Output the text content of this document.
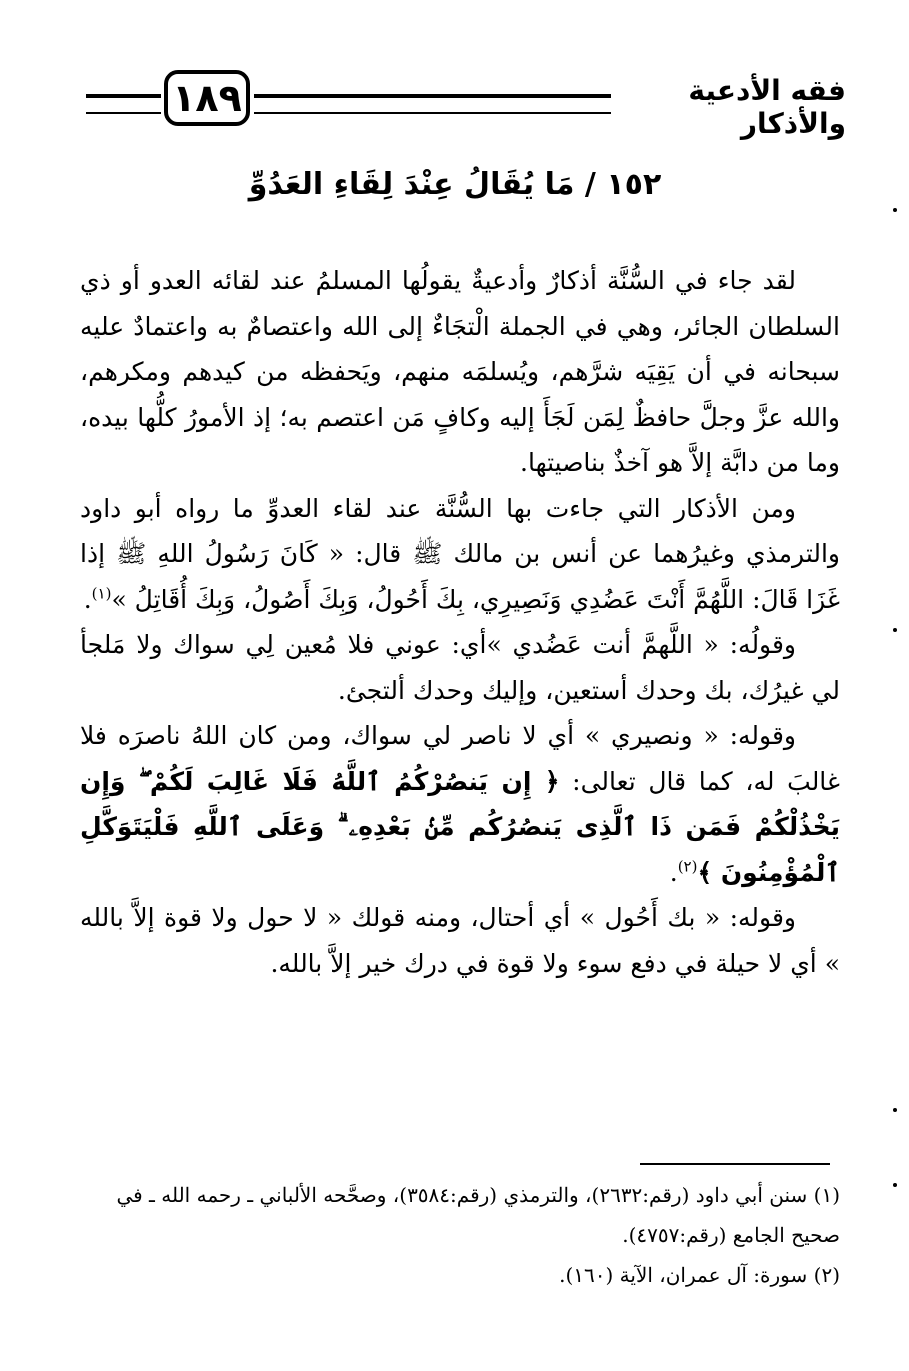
١٨٩	فقه الأدعية والأذكار
١٥٢ / مَا يُقَالُ عِنْدَ لِقَاءِ العَدُوِّ

لقد جاء في السُّنَّة أذكارٌ وأدعيةٌ يقولُها المسلمُ عند لقائه العدو أو ذي السلطان الجائر، وهي في الجملة الْتجَاءٌ إلى الله واعتصامٌ به واعتمادٌ عليه سبحانه في أن يَقِيَه شرَّهم، ويُسلمَه منهم، ويَحفظه من كيدهم ومكرهم، والله عزَّ وجلَّ حافظٌ لِمَن لَجَأَ إليه وكافٍ مَن اعتصم به؛ إذ الأمورُ كلُّها بيده، وما من دابَّة إلاَّ هو آخذٌ بناصيتها.

ومن الأذكار التي جاءت بها السُّنَّة عند لقاء العدوِّ ما رواه أبو داود والترمذي وغيرُهما عن أنس بن مالك ﷺ قال: « كَانَ رَسُولُ اللهِ ﷺ إذا غَزَا قَالَ: اللَّهُمَّ أَنْتَ عَضُدِي وَنَصِيرِي، بِكَ أَحُولُ، وَبِكَ أَصُولُ، وَبِكَ أُقَاتِلُ »$^{(١)}$.

وقولُه: « اللَّهمَّ أنت عَضُدي »أي: عوني فلا مُعين لِي سواك ولا مَلجأ لي غيرُك، بك وحدك أستعين، وإليك وحدك ألتجئ.

وقوله: « ونصيري » أي لا ناصر لي سواك، ومن كان اللهُ ناصرَه فلا غالبَ له، كما قال تعالى: ﴿ إِن يَنصُرْكُمُ ٱللَّهُ فَلَا غَالِبَ لَكُمْ ۖ وَإِن يَخْذُلْكُمْ فَمَن ذَا ٱلَّذِى يَنصُرُكُم مِّنۢ بَعْدِهِۦ ۗ وَعَلَى ٱللَّهِ فَلْيَتَوَكَّلِ ٱلْمُؤْمِنُونَ ﴾$^{(٢)}$.

وقوله: « بك أَحُول » أي أحتال، ومنه قولك « لا حول ولا قوة إلاَّ بالله » أي لا حيلة في دفع سوء ولا قوة في درك خير إلاَّ بالله.

(١) سنن أبي داود (رقم:٢٦٣٢)، والترمذي (رقم:٣٥٨٤)، وصحَّحه الألباني ـ رحمه الله ـ في صحيح الجامع (رقم:٤٧٥٧).

(٢) سورة: آل عمران، الآية (١٦٠).
